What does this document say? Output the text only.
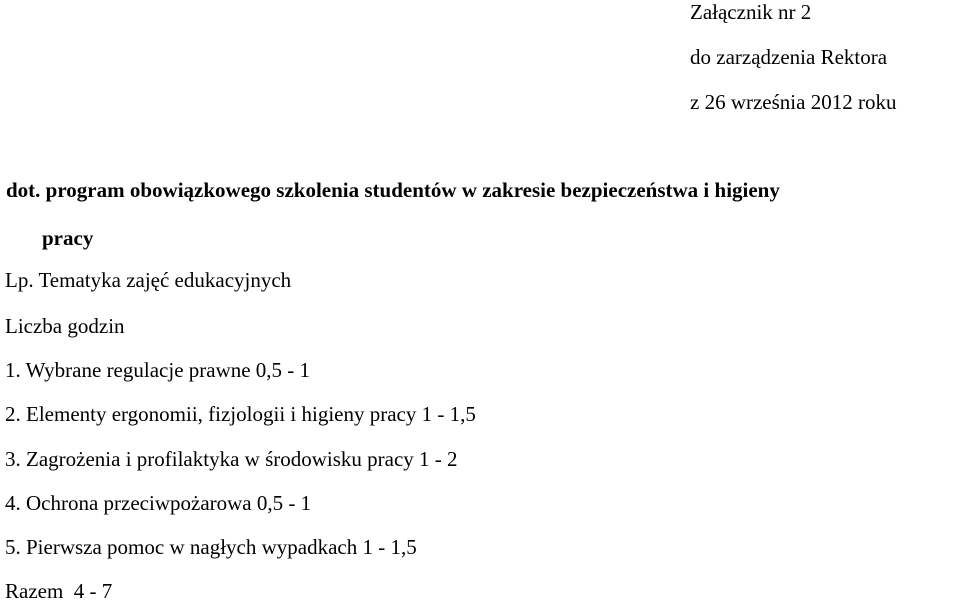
Załącznik nr 2
do zarządzenia Rektora
z 26 września 2012 roku
dot. program obowiązkowego szkolenia studentów w zakresie bezpieczeństwa i higieny
pracy
Lp. Tematyka zajęć edukacyjnych
Liczba godzin
1. Wybrane regulacje prawne 0,5 - 1
2. Elementy ergonomii, fizjologii i higieny pracy 1 - 1,5
3. Zagrożenia i profilaktyka w środowisku pracy 1 - 2
4. Ochrona przeciwpożarowa 0,5 - 1
5. Pierwsza pomoc w nagłych wypadkach 1 - 1,5
Razem  4 - 7
